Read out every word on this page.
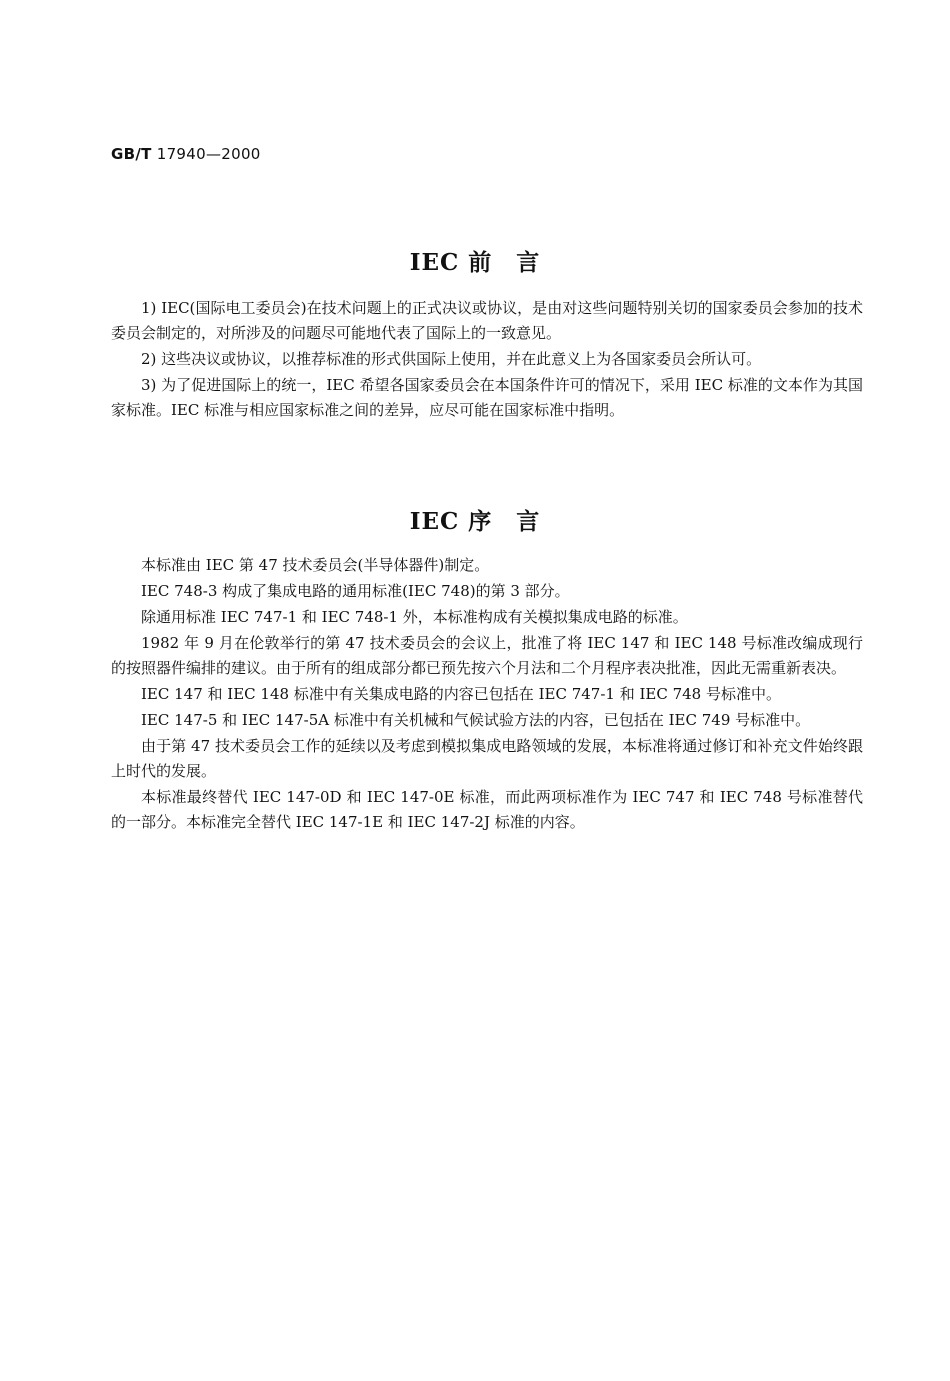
GB/T 17940—2000
IEC 前　言

1) IEC(国际电工委员会)在技术问题上的正式决议或协议，是由对这些问题特别关切的国家委员会参加的技术委员会制定的，对所涉及的问题尽可能地代表了国际上的一致意见。

2) 这些决议或协议，以推荐标准的形式供国际上使用，并在此意义上为各国家委员会所认可。

3) 为了促进国际上的统一，IEC 希望各国家委员会在本国条件许可的情况下，采用 IEC 标准的文本作为其国家标准。IEC 标准与相应国家标准之间的差异，应尽可能在国家标准中指明。

IEC 序　言

本标准由 IEC 第 47 技术委员会(半导体器件)制定。

IEC 748-3 构成了集成电路的通用标准(IEC 748)的第 3 部分。

除通用标准 IEC 747-1 和 IEC 748-1 外，本标准构成有关模拟集成电路的标准。

1982 年 9 月在伦敦举行的第 47 技术委员会的会议上，批准了将 IEC 147 和 IEC 148 号标准改编成现行的按照器件编排的建议。由于所有的组成部分都已预先按六个月法和二个月程序表决批准，因此无需重新表决。

IEC 147 和 IEC 148 标准中有关集成电路的内容已包括在 IEC 747-1 和 IEC 748 号标准中。

IEC 147-5 和 IEC 147-5A 标准中有关机械和气候试验方法的内容，已包括在 IEC 749 号标准中。

由于第 47 技术委员会工作的延续以及考虑到模拟集成电路领域的发展，本标准将通过修订和补充文件始终跟上时代的发展。

本标准最终替代 IEC 147-0D 和 IEC 147-0E 标准，而此两项标准作为 IEC 747 和 IEC 748 号标准替代的一部分。本标准完全替代 IEC 147-1E 和 IEC 147-2J 标准的内容。
